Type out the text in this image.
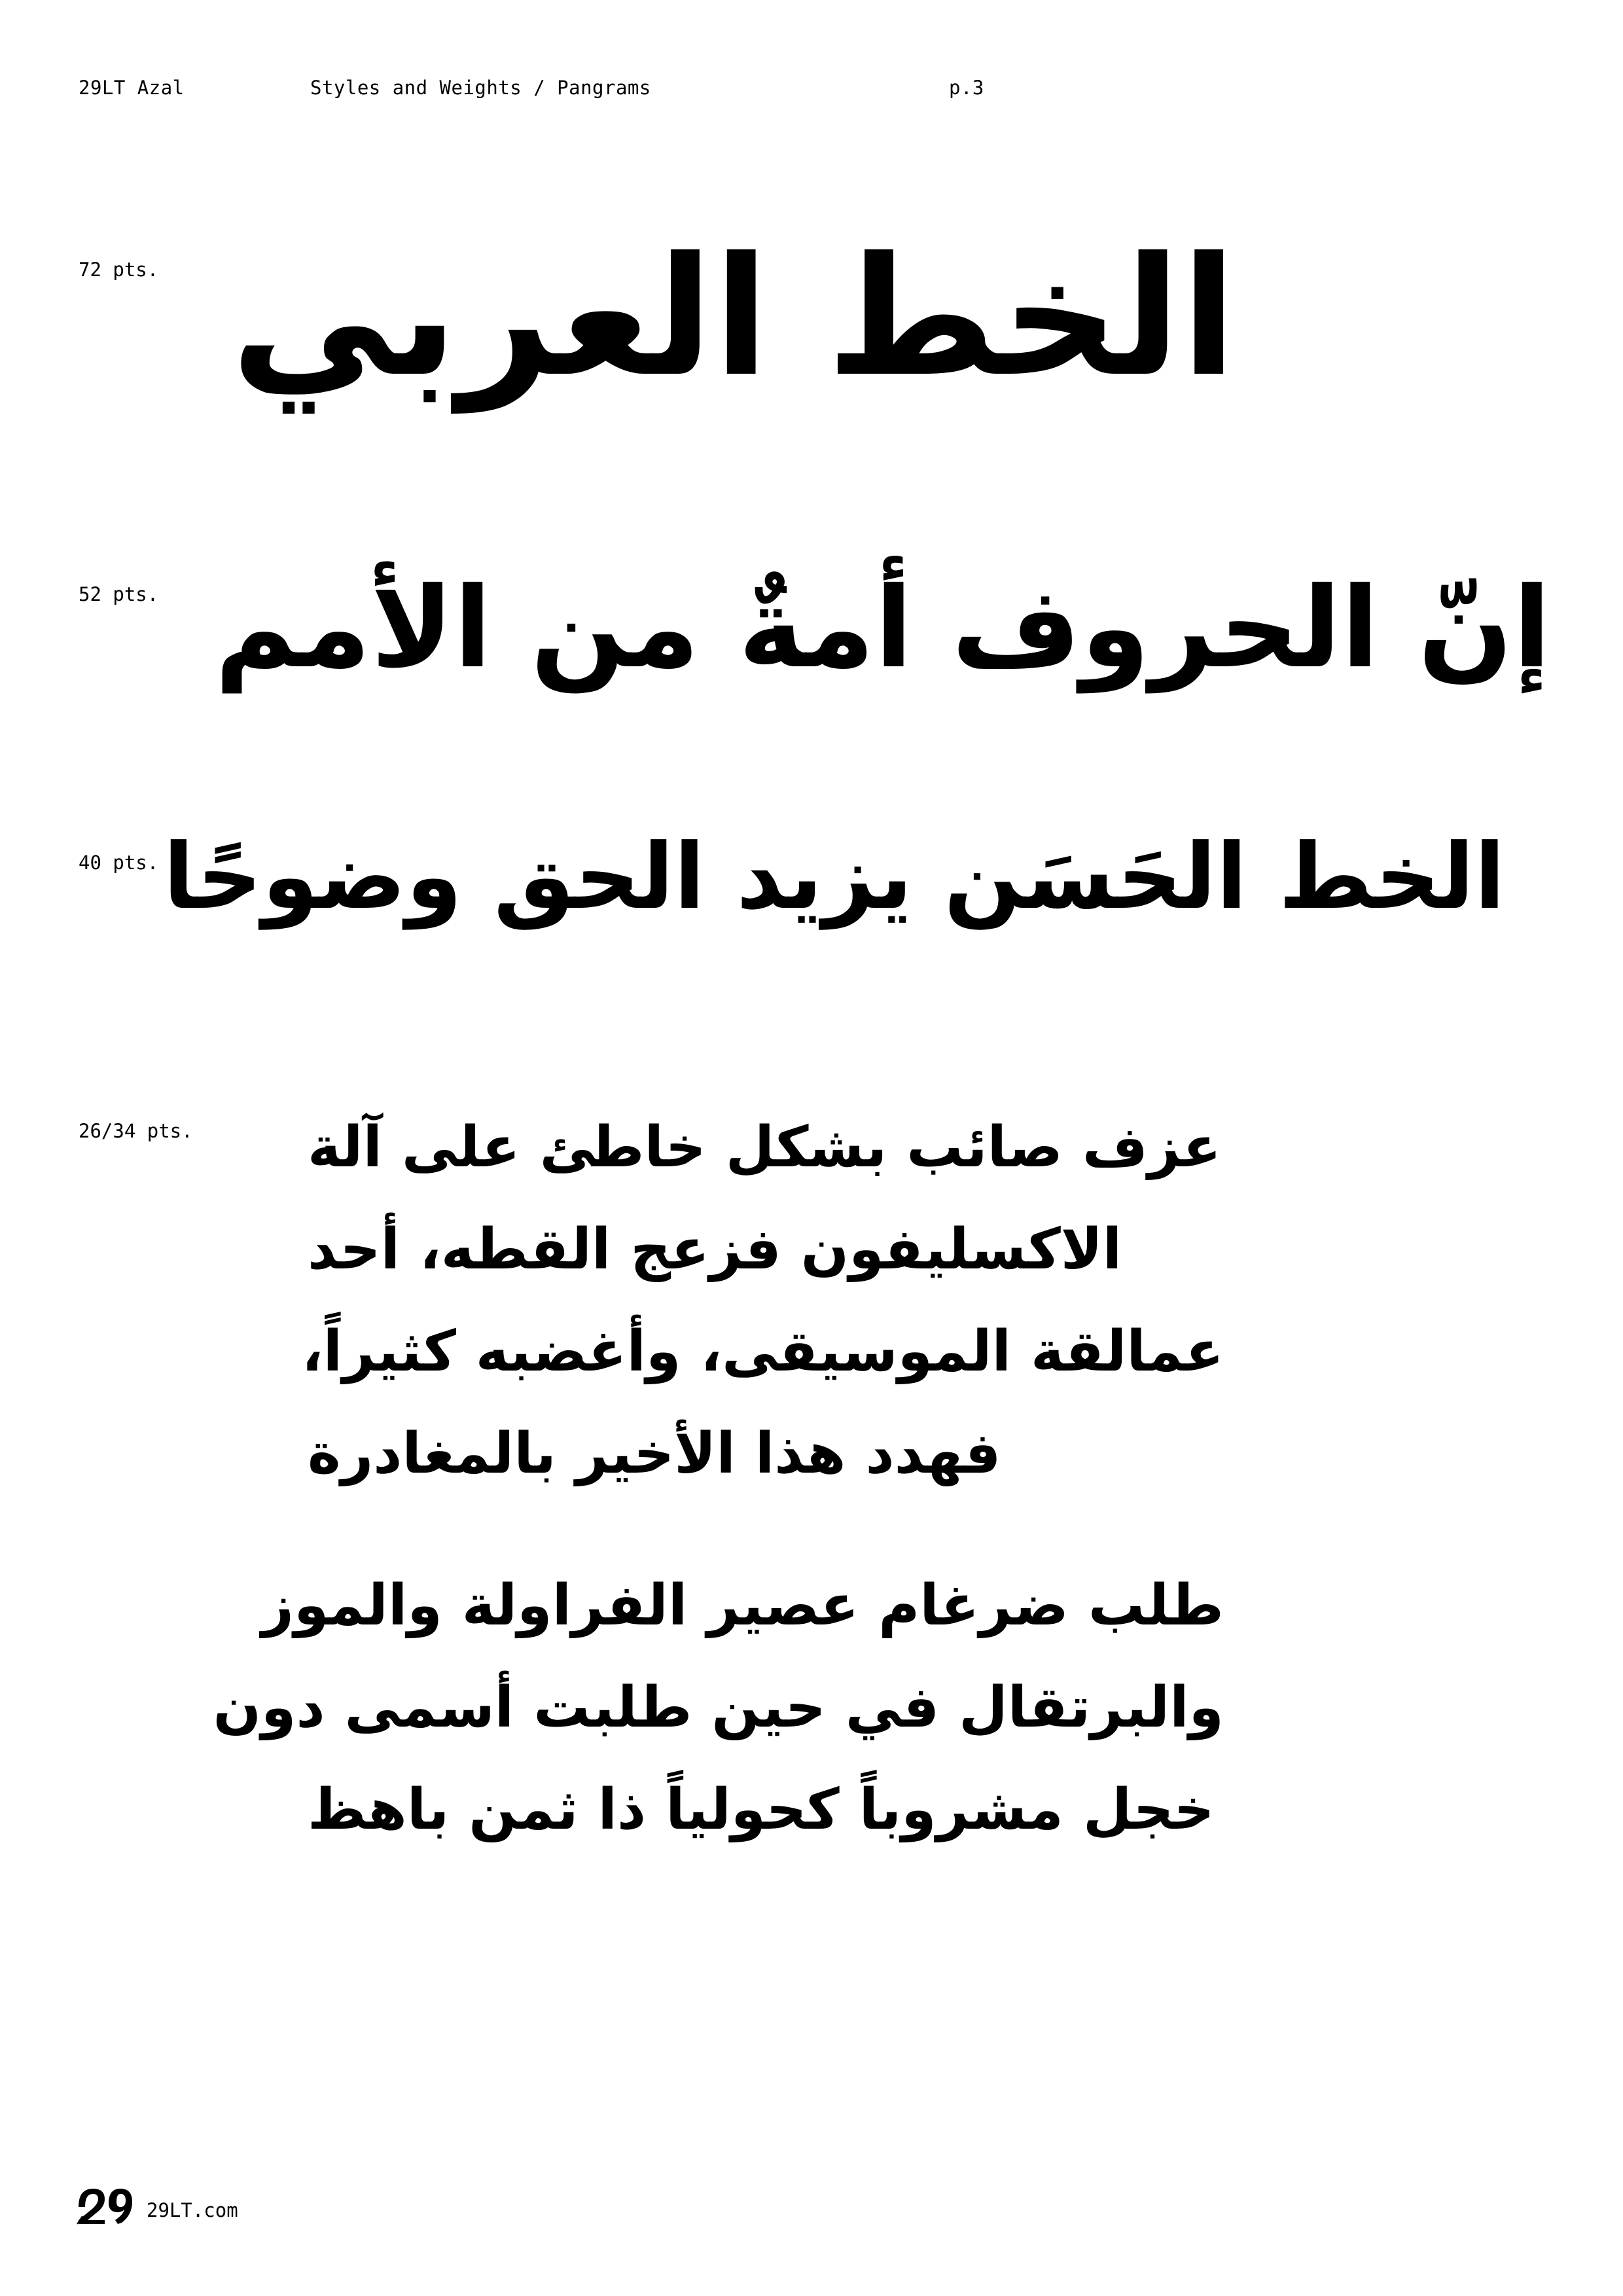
29LT Azal	Styles and Weights / Pangrams	p.3
72 pts. الخط العربي
52 pts. إنّ الحروف أمةٌ من الأمم
40 pts. الخط الحَسَن يزيد الحق وضوحًا
26/34 pts. عزف صائب بشكل خاطئ على آلة
الاكسليفون فزعج القطه، أحد
عمالقة الموسيقى، وأغضبه كثيراً،
فهدد هذا الأخير بالمغادرة
طلب ضرغام عصير الفراولة والموز
والبرتقال في حين طلبت أسمى دون
خجل مشروباً كحولياً ذا ثمن باهظ
29LT.com
